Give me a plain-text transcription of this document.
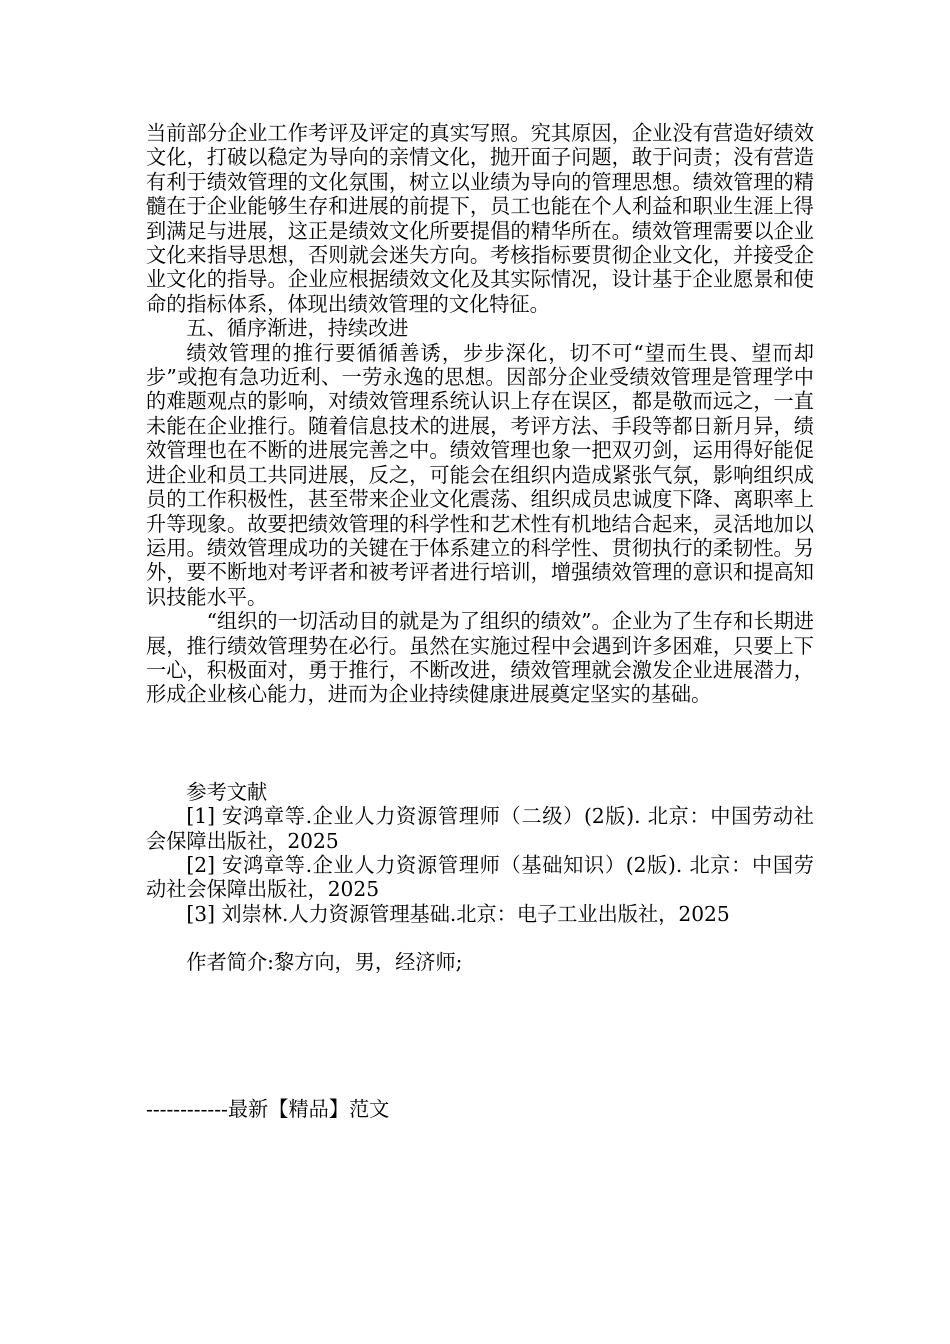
当前部分企业工作考评及评定的真实写照。究其原因，企业没有营造好绩效文化，打破以稳定为导向的亲情文化，抛开面子问题，敢于问责；没有营造有利于绩效管理的文化氛围，树立以业绩为导向的管理思想。绩效管理的精髓在于企业能够生存和进展的前提下，员工也能在个人利益和职业生涯上得到满足与进展，这正是绩效文化所要提倡的精华所在。绩效管理需要以企业文化来指导思想，否则就会迷失方向。考核指标要贯彻企业文化，并接受企业文化的指导。企业应根据绩效文化及其实际情况，设计基于企业愿景和使命的指标体系，体现出绩效管理的文化特征。

五、循序渐进，持续改进

绩效管理的推行要循循善诱，步步深化，切不可“望而生畏、望而却步”或抱有急功近利、一劳永逸的思想。因部分企业受绩效管理是管理学中的难题观点的影响，对绩效管理系统认识上存在误区，都是敬而远之，一直未能在企业推行。随着信息技术的进展，考评方法、手段等都日新月异，绩效管理也在不断的进展完善之中。绩效管理也象一把双刃剑，运用得好能促进企业和员工共同进展，反之，可能会在组织内造成紧张气氛，影响组织成员的工作积极性，甚至带来企业文化震荡、组织成员忠诚度下降、离职率上升等现象。故要把绩效管理的科学性和艺术性有机地结合起来，灵活地加以运用。绩效管理成功的关键在于体系建立的科学性、贯彻执行的柔韧性。另外，要不断地对考评者和被考评者进行培训，增强绩效管理的意识和提高知识技能水平。

“组织的一切活动目的就是为了组织的绩效”。企业为了生存和长期进展，推行绩效管理势在必行。虽然在实施过程中会遇到许多困难，只要上下一心，积极面对，勇于推行，不断改进，绩效管理就会激发企业进展潜力，形成企业核心能力，进而为企业持续健康进展奠定坚实的基础。

参考文献

[1] 安鸿章等.企业人力资源管理师（二级）(2版). 北京：中国劳动社会保障出版社，2025

[2] 安鸿章等.企业人力资源管理师（基础知识）(2版). 北京：中国劳动社会保障出版社，2025

[3] 刘崇林.人力资源管理基础.北京：电子工业出版社，2025

作者简介:黎方向，男，经济师;

------------最新【精品】范文
